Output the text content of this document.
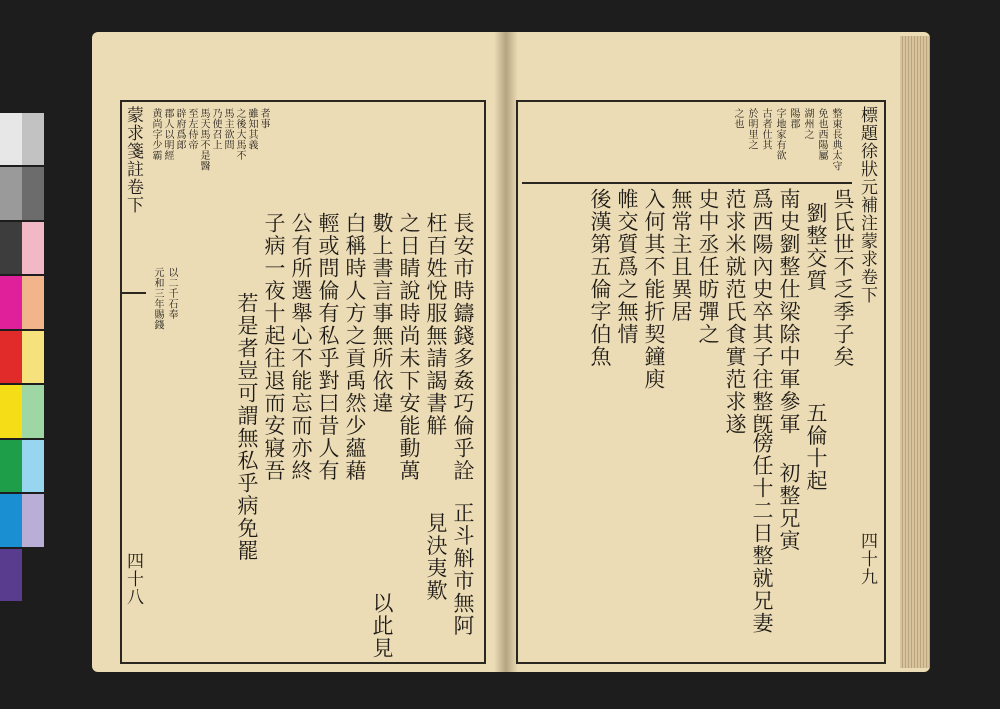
蒙求箋註卷下
四十八
黄尚字少霸 郡人以明經 辟府爲郎 至左侍帝 馬天馬不是醫 乃使召上 馬主欲問 之後大馬不 雖知其義 者事
元和三年賜錢 以二千石奉	長安市時鑄錢多姦巧倫乎詮
枉百姓悅服無請謁書觧
之日睛說時尚未下安能動萬
數上書言事無所依違
白稱時人方之貢禹然少蘊藉
輕或問倫有私乎對曰昔人有
公有所選舉心不能忘而亦終
子病一夜十起往退而安寢吾
若是者豈可謂無私乎病免罷
正斗斛市無阿
見決夷歎
以此見
標題徐狀元補注蒙求卷下
四十九
整東長典太守
免也西陽屬
湖州之
陽郡
字地家有欲
古者仕其
於明里之
之也
呉氏世不乏季子矣
劉整交質
南史劉整仕梁除中軍參軍
爲西陽內史卒其子往整旣
范求米就范氏食實范求遂
史中丞任昉彈之
無常主且異居
入何其不能折契鐘庾
帷交質爲之無情
後漢第五倫字伯魚
五倫十起
初整兄寅
傍任十二日整就兄妻
